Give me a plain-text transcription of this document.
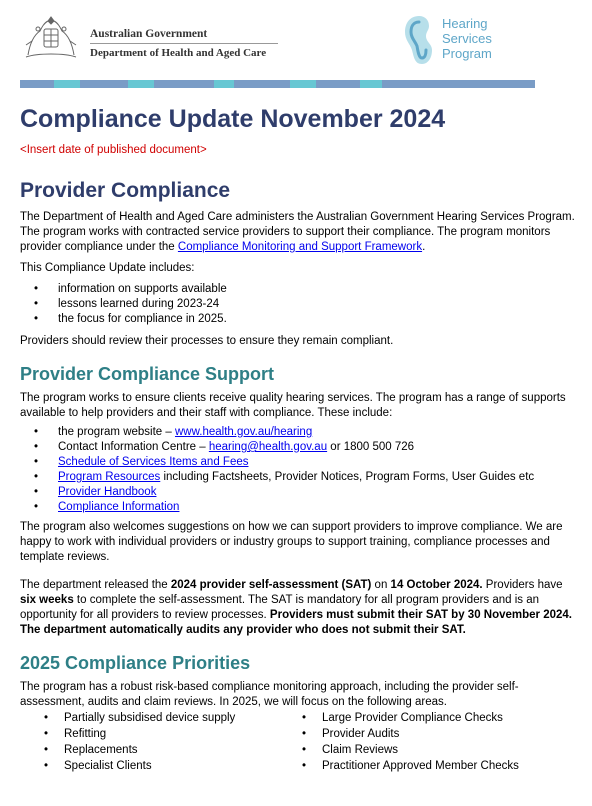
Australian Government
Department of Health and Aged Care
Hearing
Services
Program
Compliance Update November 2024
<Insert date of published document>
Provider Compliance

The Department of Health and Aged Care administers the Australian Government Hearing Services Program. The program works with contracted service providers to support their compliance. The program monitors provider compliance under the Compliance Monitoring and Support Framework.

This Compliance Update includes:

• information on supports available
• lessons learned during 2023-24
• the focus for compliance in 2025.

Providers should review their processes to ensure they remain compliant.

Provider Compliance Support

The program works to ensure clients receive quality hearing services. The program has a range of supports available to help providers and their staff with compliance. These include:

• the program website – www.health.gov.au/hearing
• Contact Information Centre – hearing@health.gov.au or 1800 500 726
• Schedule of Services Items and Fees
• Program Resources including Factsheets, Provider Notices, Program Forms, User Guides etc
• Provider Handbook
• Compliance Information

The program also welcomes suggestions on how we can support providers to improve compliance. We are happy to work with individual providers or industry groups to support training, compliance processes and template reviews.

The department released the 2024 provider self-assessment (SAT) on 14 October 2024. Providers have six weeks to complete the self-assessment. The SAT is mandatory for all program providers and is an opportunity for all providers to review processes. Providers must submit their SAT by 30 November 2024. The department automatically audits any provider who does not submit their SAT.

2025 Compliance Priorities

The program has a robust risk-based compliance monitoring approach, including the provider self-assessment, audits and claim reviews. In 2025, we will focus on the following areas.

• Partially subsidised device supply
• Refitting
• Replacements
• Specialist Clients
• Large Provider Compliance Checks
• Provider Audits
• Claim Reviews
• Practitioner Approved Member Checks
